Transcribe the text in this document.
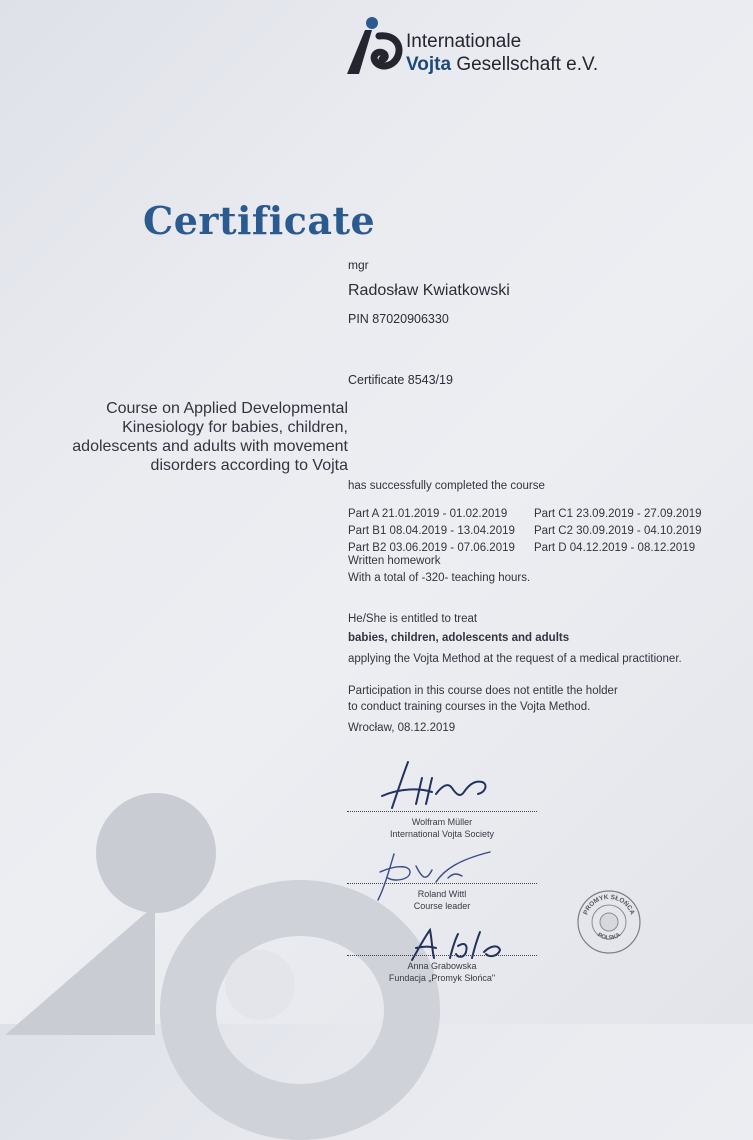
Internationale
Vojta Gesellschaft e.V.
Certificate
mgr
Radosław Kwiatkowski
PIN 87020906330
Certificate 8543/19
Course on Applied Developmental
Kinesiology for babies, children,
adolescents and adults with movement
disorders according to Vojta
has successfully completed the course
Part A 21.01.2019 - 01.02.2019 Part C1 23.09.2019 - 27.09.2019
Part B1 08.04.2019 - 13.04.2019 Part C2 30.09.2019 - 04.10.2019
Part B2 03.06.2019 - 07.06.2019 Part D 04.12.2019 - 08.12.2019
Written homework
With a total of -320- teaching hours.
He/She is entitled to treat
babies, children, adolescents and adults
applying the Vojta Method at the request of a medical practitioner.
Participation in this course does not entitle the holder
to conduct training courses in the Vojta Method.
Wrocław, 08.12.2019
Wolfram Müller
International Vojta Society
Roland Wittl
Course leader
Anna Grabowska
Fundacja „Promyk Słońca"
PROMYK SŁOŃCA
POLSKA
